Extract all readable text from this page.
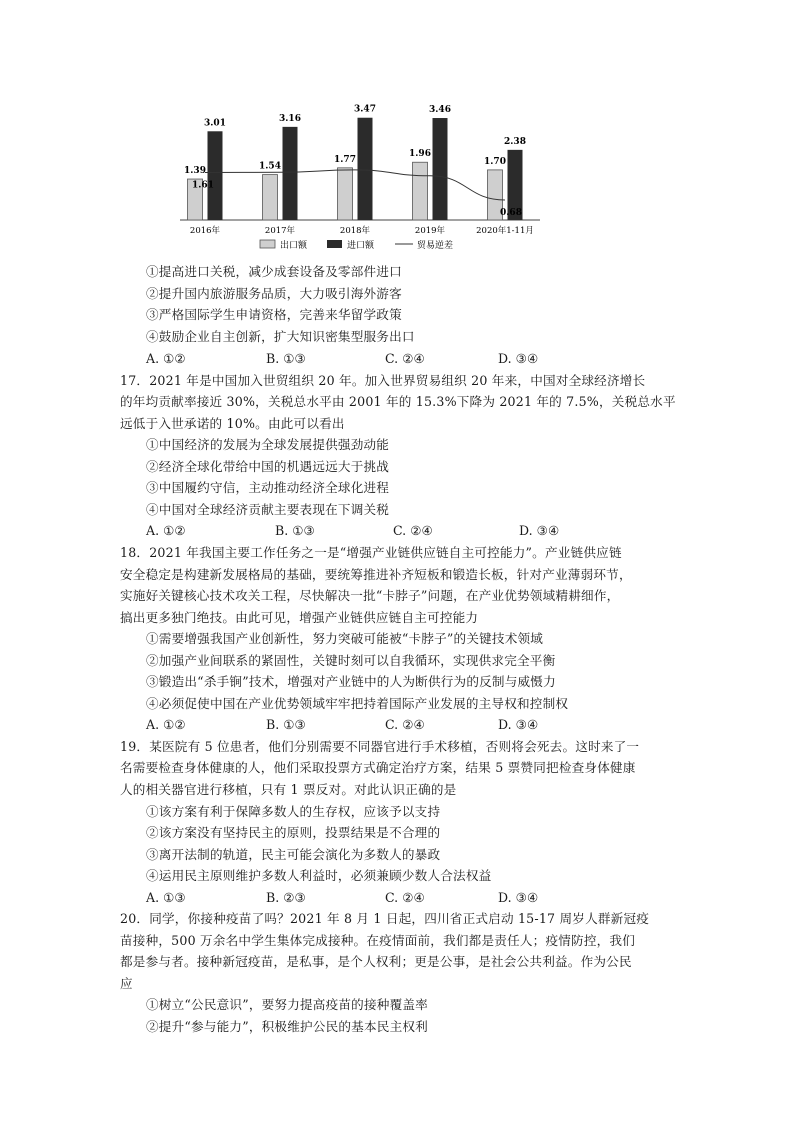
1.39
3.01
2016年
1.54
3.16
2017年
1.77
3.47
2018年
1.96
3.46
2019年
1.70
2.38
2020年1-11月
1.61
0.68
出口额	进口额	贸易逆差
①提高进口关税，减少成套设备及零部件进口
②提升国内旅游服务品质，大力吸引海外游客
③严格国际学生申请资格，完善来华留学政策
④鼓励企业自主创新，扩大知识密集型服务出口
A. ①②	B. ①③	C. ②④	D. ③④
17．2021 年是中国加入世贸组织 20 年。加入世界贸易组织 20 年来，中国对全球经济增长
的年均贡献率接近 30%，关税总水平由 2001 年的 15.3%下降为 2021 年的 7.5%，关税总水平
远低于入世承诺的 10%。由此可以看出
①中国经济的发展为全球发展提供强劲动能
②经济全球化带给中国的机遇远远大于挑战
③中国履约守信，主动推动经济全球化进程
④中国对全球经济贡献主要表现在下调关税
A. ①②	B. ①③	C. ②④	D. ③④
18．2021 年我国主要工作任务之一是“增强产业链供应链自主可控能力”。产业链供应链
安全稳定是构建新发展格局的基础，要统筹推进补齐短板和锻造长板，针对产业薄弱环节，
实施好关键核心技术攻关工程，尽快解决一批“卡脖子”问题，在产业优势领域精耕细作，
搞出更多独门绝技。由此可见，增强产业链供应链自主可控能力
①需要增强我国产业创新性，努力突破可能被“卡脖子”的关键技术领域
②加强产业间联系的紧固性，关键时刻可以自我循环，实现供求完全平衡
③锻造出“杀手锏”技术，增强对产业链中的人为断供行为的反制与威慑力
④必须促使中国在产业优势领域牢牢把持着国际产业发展的主导权和控制权
A. ①②	B. ①③	C. ②④	D. ③④
19．某医院有 5 位患者，他们分别需要不同器官进行手术移植，否则将会死去。这时来了一
名需要检查身体健康的人，他们采取投票方式确定治疗方案，结果 5 票赞同把检查身体健康
人的相关器官进行移植，只有 1 票反对。对此认识正确的是
①该方案有利于保障多数人的生存权，应该予以支持
②该方案没有坚持民主的原则，投票结果是不合理的
③离开法制的轨道，民主可能会演化为多数人的暴政
④运用民主原则维护多数人利益时，必须兼顾少数人合法权益
A. ①③	B. ②③	C. ②④	D. ③④
20．同学，你接种疫苗了吗？2021 年 8 月 1 日起，四川省正式启动 15-17 周岁人群新冠疫
苗接种，500 万余名中学生集体完成接种。在疫情面前，我们都是责任人；疫情防控，我们
都是参与者。接种新冠疫苗，是私事，是个人权利；更是公事，是社会公共利益。作为公民
应
①树立“公民意识”，要努力提高疫苗的接种覆盖率
②提升“参与能力”，积极维护公民的基本民主权利
